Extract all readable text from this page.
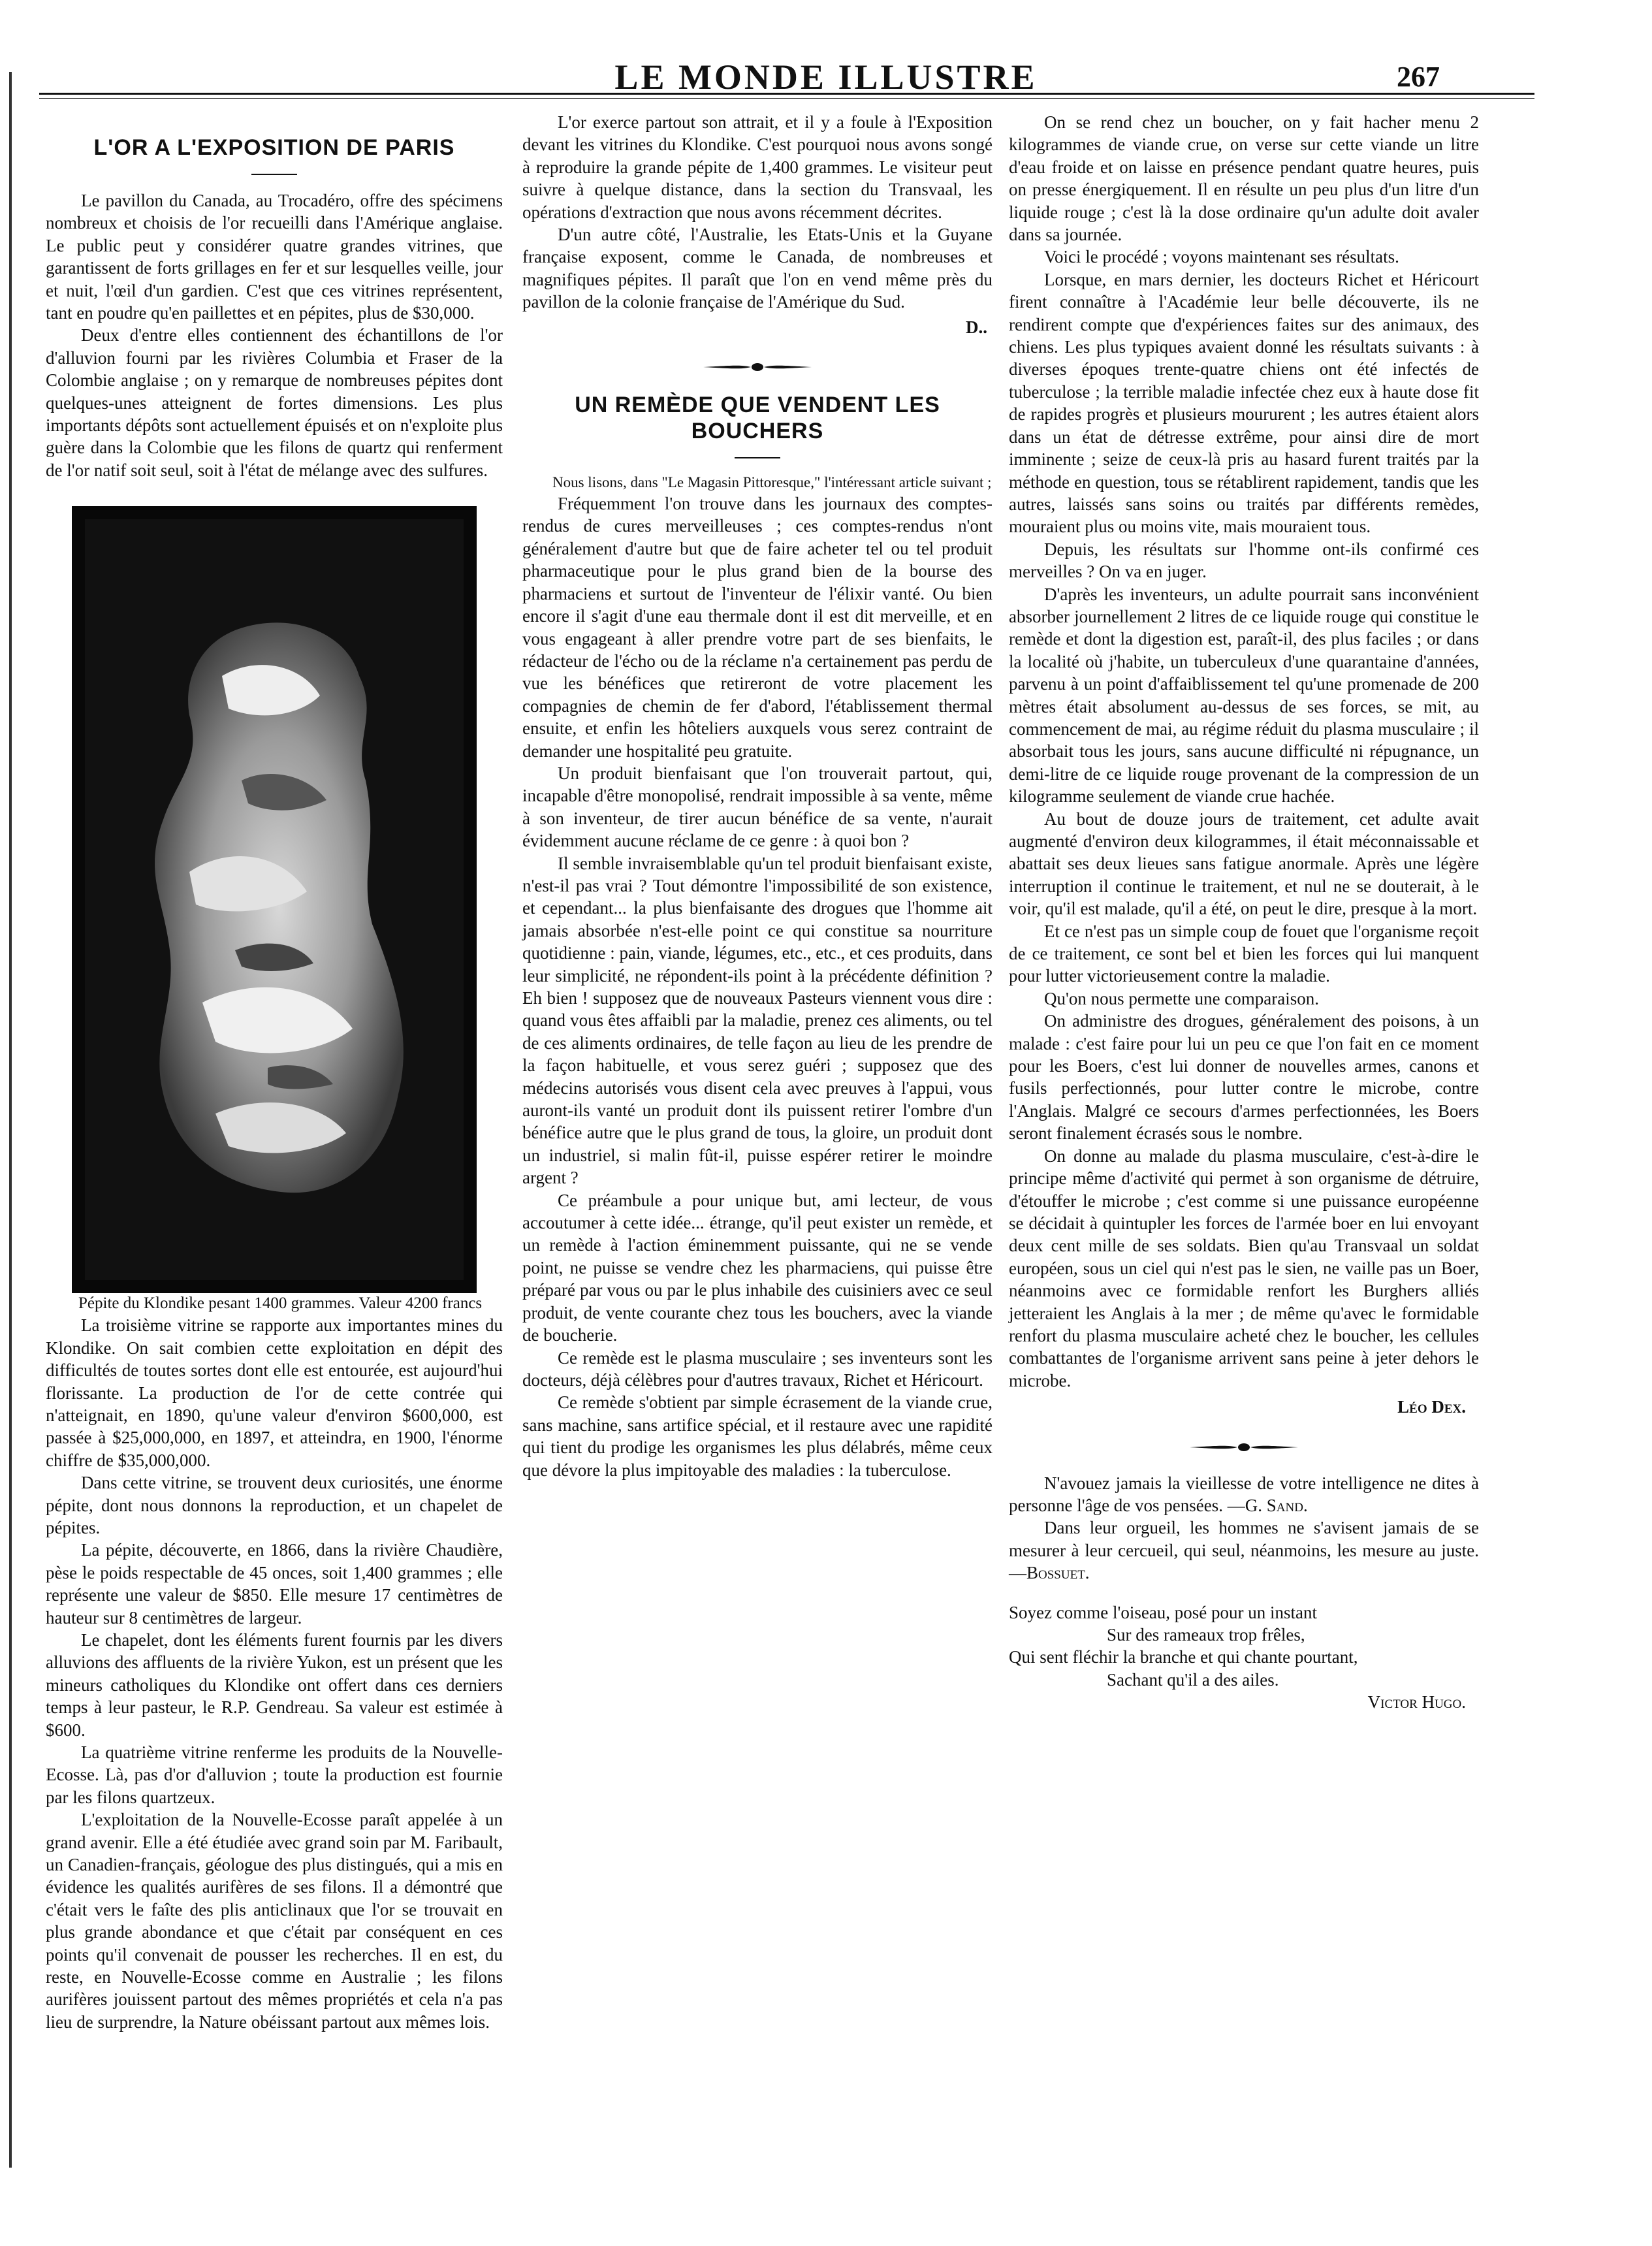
LE MONDE ILLUSTRE	267
L'OR A L'EXPOSITION DE PARIS

Le pavillon du Canada, au Trocadéro, offre des spécimens nombreux et choisis de l'or recueilli dans l'Amérique anglaise. Le public peut y considérer quatre grandes vitrines, que garantissent de forts grillages en fer et sur lesquelles veille, jour et nuit, l'œil d'un gardien. C'est que ces vitrines représentent, tant en poudre qu'en paillettes et en pépites, plus de $30,000.

Deux d'entre elles contiennent des échantillons de l'or d'alluvion fourni par les rivières Columbia et Fraser de la Colombie anglaise ; on y remarque de nombreuses pépites dont quelques-unes atteignent de fortes dimensions. Les plus importants dépôts sont actuellement épuisés et on n'exploite plus guère dans la Colombie que les filons de quartz qui renferment de l'or natif soit seul, soit à l'état de mélange avec des sulfures.

Pépite du Klondike pesant 1400 grammes. Valeur 4200 francs

La troisième vitrine se rapporte aux importantes mines du Klondike. On sait combien cette exploitation en dépit des difficultés de toutes sortes dont elle est entourée, est aujourd'hui florissante. La production de l'or de cette contrée qui n'atteignait, en 1890, qu'une valeur d'environ $600,000, est passée à $25,000,000, en 1897, et atteindra, en 1900, l'énorme chiffre de $35,000,000.

Dans cette vitrine, se trouvent deux curiosités, une énorme pépite, dont nous donnons la reproduction, et un chapelet de pépites.

La pépite, découverte, en 1866, dans la rivière Chaudière, pèse le poids respectable de 45 onces, soit 1,400 grammes ; elle représente une valeur de $850. Elle mesure 17 centimètres de hauteur sur 8 centimètres de largeur.

Le chapelet, dont les éléments furent fournis par les divers alluvions des affluents de la rivière Yukon, est un présent que les mineurs catholiques du Klondike ont offert dans ces derniers temps à leur pasteur, le R.P. Gendreau. Sa valeur est estimée à $600.

La quatrième vitrine renferme les produits de la Nouvelle-Ecosse. Là, pas d'or d'alluvion ; toute la production est fournie par les filons quartzeux.

L'exploitation de la Nouvelle-Ecosse paraît appelée à un grand avenir. Elle a été étudiée avec grand soin par M. Faribault, un Canadien-français, géologue des plus distingués, qui a mis en évidence les qualités aurifères de ses filons. Il a démontré que c'était vers le faîte des plis anticlinaux que l'or se trouvait en plus grande abondance et que c'était par conséquent en ces points qu'il convenait de pousser les recherches. Il en est, du reste, en Nouvelle-Ecosse comme en Australie ; les filons aurifères jouissent partout des mêmes propriétés et cela n'a pas lieu de surprendre, la Nature obéissant partout aux mêmes lois.

L'or exerce partout son attrait, et il y a foule à l'Exposition devant les vitrines du Klondike. C'est pourquoi nous avons songé à reproduire la grande pépite de 1,400 grammes. Le visiteur peut suivre à quelque distance, dans la section du Transvaal, les opérations d'extraction que nous avons récemment décrites.

D'un autre côté, l'Australie, les Etats-Unis et la Guyane française exposent, comme le Canada, de nombreuses et magnifiques pépites. Il paraît que l'on en vend même près du pavillon de la colonie française de l'Amérique du Sud.

D..
UN REMÈDE QUE VENDENT LES BOUCHERS

Nous lisons, dans "Le Magasin Pittoresque," l'intéressant article suivant ;

Fréquemment l'on trouve dans les journaux des comptes-rendus de cures merveilleuses ; ces comptes-rendus n'ont généralement d'autre but que de faire acheter tel ou tel produit pharmaceutique pour le plus grand bien de la bourse des pharmaciens et surtout de l'inventeur de l'élixir vanté. Ou bien encore il s'agit d'une eau thermale dont il est dit merveille, et en vous engageant à aller prendre votre part de ses bienfaits, le rédacteur de l'écho ou de la réclame n'a certainement pas perdu de vue les bénéfices que retireront de votre placement les compagnies de chemin de fer d'abord, l'établissement thermal ensuite, et enfin les hôteliers auxquels vous serez contraint de demander une hospitalité peu gratuite.

Un produit bienfaisant que l'on trouverait partout, qui, incapable d'être monopolisé, rendrait impossible à sa vente, même à son inventeur, de tirer aucun bénéfice de sa vente, n'aurait évidemment aucune réclame de ce genre : à quoi bon ?

Il semble invraisemblable qu'un tel produit bienfaisant existe, n'est-il pas vrai ? Tout démontre l'impossibilité de son existence, et cependant... la plus bienfaisante des drogues que l'homme ait jamais absorbée n'est-elle point ce qui constitue sa nourriture quotidienne : pain, viande, légumes, etc., etc., et ces produits, dans leur simplicité, ne répondent-ils point à la précédente définition ? Eh bien ! supposez que de nouveaux Pasteurs viennent vous dire : quand vous êtes affaibli par la maladie, prenez ces aliments, ou tel de ces aliments ordinaires, de telle façon au lieu de les prendre de la façon habituelle, et vous serez guéri ; supposez que des médecins autorisés vous disent cela avec preuves à l'appui, vous auront-ils vanté un produit dont ils puissent retirer l'ombre d'un bénéfice autre que le plus grand de tous, la gloire, un produit dont un industriel, si malin fût-il, puisse espérer retirer le moindre argent ?

Ce préambule a pour unique but, ami lecteur, de vous accoutumer à cette idée... étrange, qu'il peut exister un remède, et un remède à l'action éminemment puissante, qui ne se vende point, ne puisse se vendre chez les pharmaciens, qui puisse être préparé par vous ou par le plus inhabile des cuisiniers avec ce seul produit, de vente courante chez tous les bouchers, avec la viande de boucherie.

Ce remède est le plasma musculaire ; ses inventeurs sont les docteurs, déjà célèbres pour d'autres travaux, Richet et Héricourt.

Ce remède s'obtient par simple écrasement de la viande crue, sans machine, sans artifice spécial, et il restaure avec une rapidité qui tient du prodige les organismes les plus délabrés, même ceux que dévore la plus impitoyable des maladies : la tuberculose.

On se rend chez un boucher, on y fait hacher menu 2 kilogrammes de viande crue, on verse sur cette viande un litre d'eau froide et on laisse en présence pendant quatre heures, puis on presse énergiquement. Il en résulte un peu plus d'un litre d'un liquide rouge ; c'est là la dose ordinaire qu'un adulte doit avaler dans sa journée.

Voici le procédé ; voyons maintenant ses résultats.

Lorsque, en mars dernier, les docteurs Richet et Héricourt firent connaître à l'Académie leur belle découverte, ils ne rendirent compte que d'expériences faites sur des animaux, des chiens. Les plus typiques avaient donné les résultats suivants : à diverses époques trente-quatre chiens ont été infectés de tuberculose ; la terrible maladie infectée chez eux à haute dose fit de rapides progrès et plusieurs moururent ; les autres étaient alors dans un état de détresse extrême, pour ainsi dire de mort imminente ; seize de ceux-là pris au hasard furent traités par la méthode en question, tous se rétablirent rapidement, tandis que les autres, laissés sans soins ou traités par différents remèdes, mouraient plus ou moins vite, mais mouraient tous.

Depuis, les résultats sur l'homme ont-ils confirmé ces merveilles ? On va en juger.

D'après les inventeurs, un adulte pourrait sans inconvénient absorber journellement 2 litres de ce liquide rouge qui constitue le remède et dont la digestion est, paraît-il, des plus faciles ; or dans la localité où j'habite, un tuberculeux d'une quarantaine d'années, parvenu à un point d'affaiblissement tel qu'une promenade de 200 mètres était absolument au-dessus de ses forces, se mit, au commencement de mai, au régime réduit du plasma musculaire ; il absorbait tous les jours, sans aucune difficulté ni répugnance, un demi-litre de ce liquide rouge provenant de la compression de un kilogramme seulement de viande crue hachée.

Au bout de douze jours de traitement, cet adulte avait augmenté d'environ deux kilogrammes, il était méconnaissable et abattait ses deux lieues sans fatigue anormale. Après une légère interruption il continue le traitement, et nul ne se douterait, à le voir, qu'il est malade, qu'il a été, on peut le dire, presque à la mort.

Et ce n'est pas un simple coup de fouet que l'organisme reçoit de ce traitement, ce sont bel et bien les forces qui lui manquent pour lutter victorieusement contre la maladie.

Qu'on nous permette une comparaison.

On administre des drogues, généralement des poisons, à un malade : c'est faire pour lui un peu ce que l'on fait en ce moment pour les Boers, c'est lui donner de nouvelles armes, canons et fusils perfectionnés, pour lutter contre le microbe, contre l'Anglais. Malgré ce secours d'armes perfectionnées, les Boers seront finalement écrasés sous le nombre.

On donne au malade du plasma musculaire, c'est-à-dire le principe même d'activité qui permet à son organisme de détruire, d'étouffer le microbe ; c'est comme si une puissance européenne se décidait à quintupler les forces de l'armée boer en lui envoyant deux cent mille de ses soldats. Bien qu'au Transvaal un soldat européen, sous un ciel qui n'est pas le sien, ne vaille pas un Boer, néanmoins avec ce formidable renfort les Burghers alliés jetteraient les Anglais à la mer ; de même qu'avec le formidable renfort du plasma musculaire acheté chez le boucher, les cellules combattantes de l'organisme arrivent sans peine à jeter dehors le microbe.

Léo Dex.

N'avouez jamais la vieillesse de votre intelligence ne dites à personne l'âge de vos pensées. —G. Sand.

Dans leur orgueil, les hommes ne s'avisent jamais de se mesurer à leur cercueil, qui seul, néanmoins, les mesure au juste. —Bossuet.

Soyez comme l'oiseau, posé pour un instant
Sur des rameaux trop frêles,
Qui sent fléchir la branche et qui chante pourtant,
Sachant qu'il a des ailes.
Victor Hugo.
